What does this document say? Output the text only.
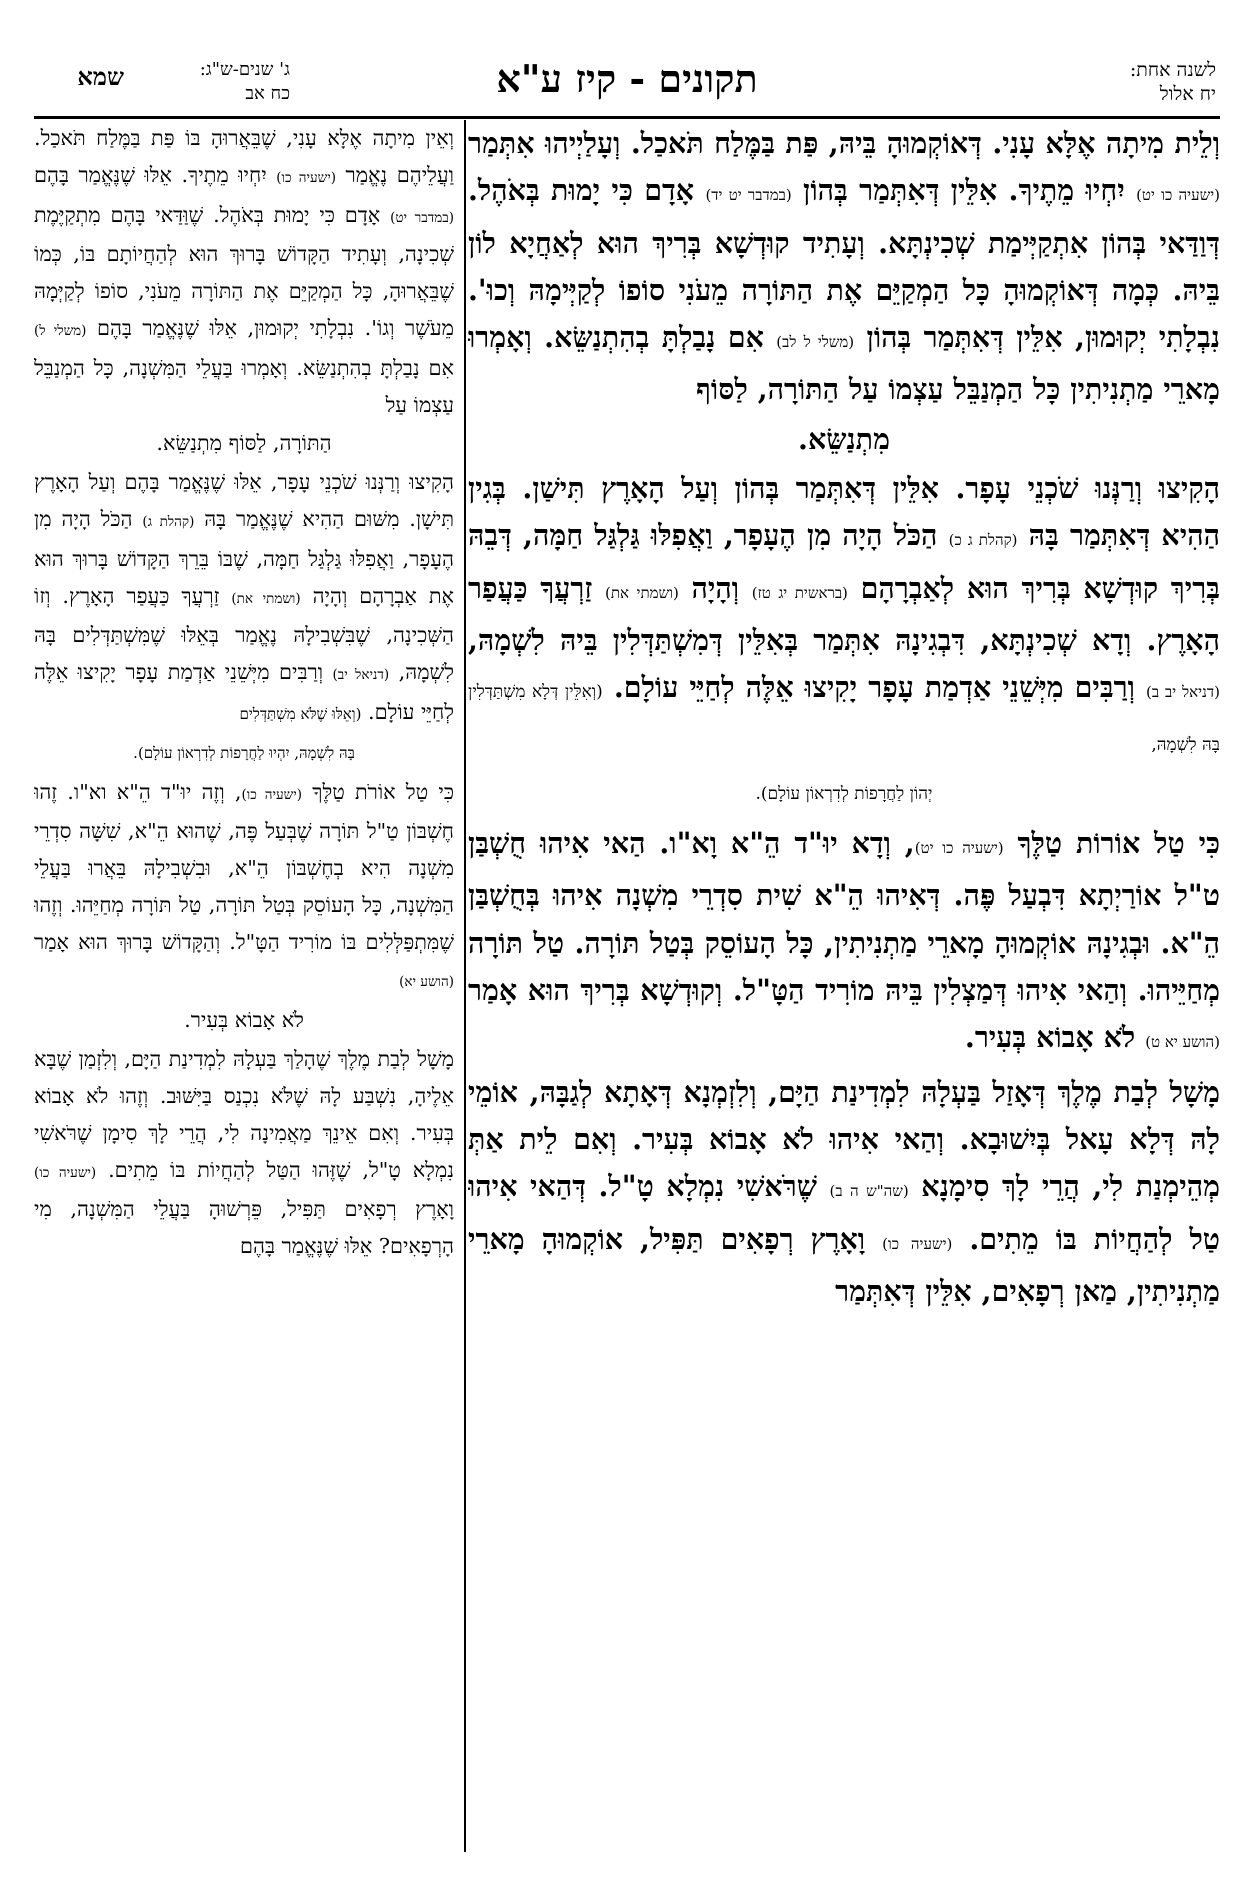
לשנה אחת:
יח אלול
תקונים - קיז ע"א
ג' שנים-ש"ג:
כח אב
שמא

וְלֵית מִיתָה אֶלָּא עָנִי. דְּאוֹקְמוּהָ בֵּיהּ, פַּת בַּמֶּלַח תֹּאכַל. וְעָלַיְיהוּ אִתְּמַר (ישעיה כו יט) יִחְיוּ מֵתֶיךָ. אִלֵּין דְּאִתְּמַר בְּהוֹן (במדבר יט יד) אָדָם כִּי יָמוּת בְּאֹהֶל. דְּוַדַּאי בְּהוֹן אִתְקַיְּימַת שְׁכִינְתָּא. וְעָתִיד קוּדְשָׁא בְּרִיךְ הוּא לְאַחֲיָא לוֹן בֵּיהּ. כְּמָה דְּאוֹקְמוּהָ כָּל הַמְקַיֵּם אֶת הַתּוֹרָה מֵעֹנִי סוֹפוֹ לְקַיְּימָהּ וְכוּ'. נִבְלָתִי יְקוּמוּן, אִלֵּין דְּאִתְּמַר בְּהוֹן (משלי ל לב) אִם נָבַלְתָּ בְהִתְנַשֵּׂא. וְאָמְרוּ מָארֵי מַתְנִיתִין כָּל הַמְנַבֵּל עַצְמוֹ עַל הַתּוֹרָה, לַסּוֹף

מִתְנַשֵּׂא.

הָקִיצוּ וְרַנְּנוּ שֹׁכְנֵי עָפָר. אִלֵּין דְּאִתְּמַר בְּהוֹן וְעַל הָאָרֶץ תִּישַׁן. בְּגִין הַהִיא דְּאִתְּמַר בָּהּ (קהלת ג כ) הַכֹּל הָיָה מִן הֶעָפָר, וַאֲפִלּוּ גַּלְגַּל חַמָּה, דְּבֵהּ בְּרִיךְ קוּדְשָׁא בְּרִיךְ הוּא לְאַבְרָהָם (בראשית יג טז) וְהָיָה (ושמתי את) זַרְעֲךָ כַּעֲפַר הָאָרֶץ. וְדָא שְׁכִינְתָּא, דִּבְגִינָהּ אִתְּמַר בְּאִלֵּין דְּמִשְׁתַּדְּלִין בֵּיהּ לִשְׁמָהּ, (דניאל יב ב) וְרַבִּים מִיְּשֵׁנֵי אַדְמַת עָפָר יָקִיצוּ אֵלֶּה לְחַיֵּי עוֹלָם. (וְאִלֵּין דְּלָא מִשְׁתַּדְּלִין בָּהּ לִשְׁמָהּ,

יְהוֹן לַחֲרָפוֹת לְדִרְאוֹן עוֹלָם).

כִּי טַל אוֹרוֹת טַלֶּךָ (ישעיה כו יט), וְדָא יוּ"ד הֵ"א וָא"ו. הַאי אִיהוּ חֻשְׁבַּן ט"ל אוֹרַיְתָא דִּבְעַל פֶּה. דְּאִיהוּ הֵ"א שִׁית סִדְרֵי מִשְׁנָה אִיהוּ בְּחֻשְׁבַּן הֵ"א. וּבְגִינָהּ אוֹקְמוּהָ מָארֵי מַתְנִיתִין, כָּל הָעוֹסֵק בְּטַל תּוֹרָה. טַל תּוֹרָה מְחַיֵּיהוּ. וְהַאי אִיהוּ דְּמַצְלִין בֵּיהּ מוֹרִיד הַטָּ"ל. וְקוּדְשָׁא בְּרִיךְ הוּא אָמַר (הושע יא ט) לֹא אָבוֹא בְּעִיר.

מָשָׁל לְבַת מֶלֶךְ דְּאָזַל בַּעְלָהּ לִמְדִינַת הַיָּם, וְלִזְמְנָא דְּאָתָא לְגַבָּהּ, אוֹמֵי לָהּ דְּלָא עָאל בְּיִשׁוּבָא. וְהַאי אִיהוּ לֹא אָבוֹא בְּעִיר. וְאִם לֵית אַתְּ מְהֵימְנַת לִי, הֲרֵי לָךְ סִימָנָא (שה"ש ה ב) שֶׁרֹּאשִׁי נִמְלָא טָ"ל. דְּהַאי אִיהוּ טַל לְהַחֲיוֹת בּוֹ מֵתִים. (ישעיה כו) וָאָרֶץ רְפָאִים תַּפִּיל, אוֹקְמוּהָ מָארֵי מַתְנִיתִין, מַאן רְפָאִים, אִלֵּין דְּאִתְּמַר

וְאֵין מִיתָה אֶלָּא עָנִי, שֶׁבֵּאֲרוּהָ בּוֹ פַּת בַּמֶּלַח תֹּאכַל. וַעֲלֵיהֶם נֶאֱמַר (ישעיה כו) יִחְיוּ מֵתֶיךָ. אֵלּוּ שֶׁנֶּאֱמַר בָּהֶם (במדבר יט) אָדָם כִּי יָמוּת בְּאֹהֶל. שֶׁוַּדַּאי בָּהֶם מִתְקַיֶּמֶת שְׁכִינָה, וְעָתִיד הַקָּדוֹשׁ בָּרוּךְ הוּא לְהַחֲיוֹתָם בּוֹ, כְּמוֹ שֶׁבֵּאֲרוּהָ, כָּל הַמְקַיֵּם אֶת הַתּוֹרָה מֵעֹנִי, סוֹפוֹ לְקַיְּמָהּ מֵעֹשֶׁר וְגוֹ'. נִבְלָתִי יְקוּמוּן, אֵלּוּ שֶׁנֶּאֱמַר בָּהֶם (משלי ל) אִם נָבַלְתָּ בְהִתְנַשֵּׂא. וְאָמְרוּ בַּעֲלֵי הַמִּשְׁנָה, כָּל הַמְנַבֵּל עַצְמוֹ עַל

הַתּוֹרָה, לַסּוֹף מִתְנַשֵּׂא.

הָקִיצוּ וְרַנְּנוּ שֹׁכְנֵי עָפָר, אֵלּוּ שֶׁנֶּאֱמַר בָּהֶם וְעַל הָאָרֶץ תִּישָׁן. מִשּׁוּם הַהִיא שֶׁנֶּאֱמַר בָּהּ (קהלת ג) הַכֹּל הָיָה מִן הֶעָפָר, וַאֲפִלּוּ גַּלְגַּל חַמָּה, שֶׁבּוֹ בֵּרֵךְ הַקָּדוֹשׁ בָּרוּךְ הוּא אֶת אַבְרָהָם וְהָיָה (ושמתי את) זַרְעֲךָ כַּעֲפַר הָאָרֶץ. וְזוֹ הַשְּׁכִינָה, שֶׁבִּשְׁבִילָהּ נֶאֱמַר בְּאֵלּוּ שֶׁמִּשְׁתַּדְּלִים בָּהּ לִשְׁמָהּ, (דניאל יב) וְרַבִּים מִיְּשֵׁנֵי אַדְמַת עָפָר יָקִיצוּ אֵלֶּה לְחַיֵּי עוֹלָם. (וְאֵלּוּ שֶׁלֹּא מִשְׁתַּדְּלִים

בָּהּ לִשְׁמָהּ, יִהְיוּ לַחֲרָפוֹת לְדִרְאוֹן עוֹלָם).

כִּי טַל אוֹרֹת טַלֶּךָ (ישעיה כו), וְזֶה יוּ"ד הֵ"א וא"ו. זֶהוּ חֶשְׁבּוֹן טַ"ל תּוֹרָה שֶׁבְּעַל פֶּה, שֶׁהוּא הֵ"א, שִׁשָּׁה סִדְרֵי מִשְׁנָה הִיא בְחֶשְׁבּוֹן הֵ"א, וּבִשְׁבִילָהּ בֵּאֲרוּ בַּעֲלֵי הַמִּשְׁנָה, כָּל הָעוֹסֵק בְּטַל תּוֹרָה, טַל תּוֹרָה מְחַיֵּהוּ. וְזֶהוּ שֶׁמִּתְפַּלְּלִים בּוֹ מוֹרִיד הַטָּ"ל. וְהַקָּדוֹשׁ בָּרוּךְ הוּא אָמַר (הושע יא)

לֹא אָבוֹא בְּעִיר.

מָשָׁל לְבַת מֶלֶךְ שֶׁהָלַךְ בַּעְלָהּ לִמְדִינַת הַיָּם, וְלִזְמַן שֶׁבָּא אֵלֶיהָ, נִשְׁבַּע לָהּ שֶׁלֹּא נִכְנַס בַּיִּשּׁוּב. וְזֶהוּ לֹא אָבוֹא בְּעִיר. וְאִם אֵינֵךְ מַאֲמִינָה לִי, הֲרֵי לָךְ סִימָן שֶׁרֹּאשִׁי נִמְלָא טָ"ל, שֶׁזֶּהוּ הַטַּל לְהַחֲיוֹת בּוֹ מֵתִים. (ישעיה כו) וָאָרֶץ רְפָאִים תַּפִּיל, פֵּרְשׁוּהָ בַּעֲלֵי הַמִּשְׁנָה, מִי הָרְפָאִים? אֵלּוּ שֶׁנֶּאֱמַר בָּהֶם
